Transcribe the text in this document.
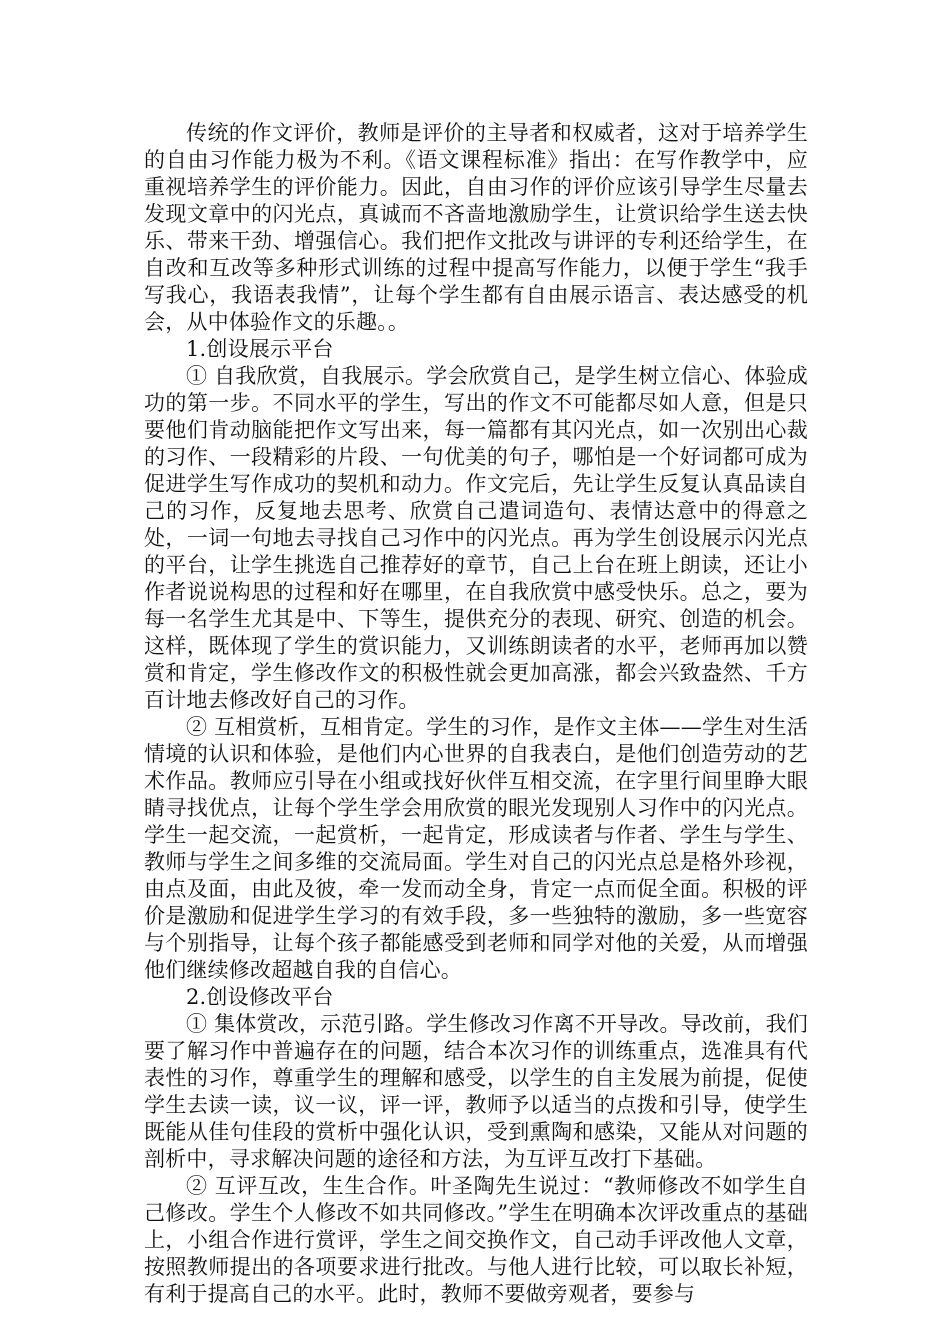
传统的作文评价，教师是评价的主导者和权威者，这对于培养学生的自由习作能力极为不利。《语文课程标准》指出：在写作教学中，应重视培养学生的评价能力。因此，自由习作的评价应该引导学生尽量去发现文章中的闪光点，真诚而不吝啬地激励学生，让赏识给学生送去快乐、带来干劲、增强信心。我们把作文批改与讲评的专利还给学生，在自改和互改等多种形式训练的过程中提高写作能力，以便于学生“我手写我心，我语表我情”，让每个学生都有自由展示语言、表达感受的机会，从中体验作文的乐趣。。

1.创设展示平台

① 自我欣赏，自我展示。学会欣赏自己，是学生树立信心、体验成功的第一步。不同水平的学生，写出的作文不可能都尽如人意，但是只要他们肯动脑能把作文写出来，每一篇都有其闪光点，如一次别出心裁的习作、一段精彩的片段、一句优美的句子，哪怕是一个好词都可成为促进学生写作成功的契机和动力。作文完后，先让学生反复认真品读自己的习作，反复地去思考、欣赏自己遣词造句、表情达意中的得意之处，一词一句地去寻找自己习作中的闪光点。再为学生创设展示闪光点的平台，让学生挑选自己推荐好的章节，自己上台在班上朗读，还让小作者说说构思的过程和好在哪里，在自我欣赏中感受快乐。总之，要为每一名学生尤其是中、下等生，提供充分的表现、研究、创造的机会。这样，既体现了学生的赏识能力，又训练朗读者的水平，老师再加以赞赏和肯定，学生修改作文的积极性就会更加高涨，都会兴致盎然、千方百计地去修改好自己的习作。

② 互相赏析，互相肯定。学生的习作，是作文主体——学生对生活情境的认识和体验，是他们内心世界的自我表白，是他们创造劳动的艺术作品。教师应引导在小组或找好伙伴互相交流，在字里行间里睁大眼睛寻找优点，让每个学生学会用欣赏的眼光发现别人习作中的闪光点。学生一起交流，一起赏析，一起肯定，形成读者与作者、学生与学生、教师与学生之间多维的交流局面。学生对自己的闪光点总是格外珍视，由点及面，由此及彼，牵一发而动全身，肯定一点而促全面。积极的评价是激励和促进学生学习的有效手段，多一些独特的激励，多一些宽容与个别指导，让每个孩子都能感受到老师和同学对他的关爱，从而增强他们继续修改超越自我的自信心。

2.创设修改平台

① 集体赏改，示范引路。学生修改习作离不开导改。导改前，我们要了解习作中普遍存在的问题，结合本次习作的训练重点，选准具有代表性的习作，尊重学生的理解和感受，以学生的自主发展为前提，促使学生去读一读，议一议，评一评，教师予以适当的点拨和引导，使学生既能从佳句佳段的赏析中强化认识，受到熏陶和感染，又能从对问题的剖析中，寻求解决问题的途径和方法，为互评互改打下基础。

② 互评互改，生生合作。叶圣陶先生说过：“教师修改不如学生自己修改。学生个人修改不如共同修改。”学生在明确本次评改重点的基础上，小组合作进行赏评，学生之间交换作文，自己动手评改他人文章，按照教师提出的各项要求进行批改。与他人进行比较，可以取长补短，有利于提高自己的水平。此时，教师不要做旁观者，要参与
